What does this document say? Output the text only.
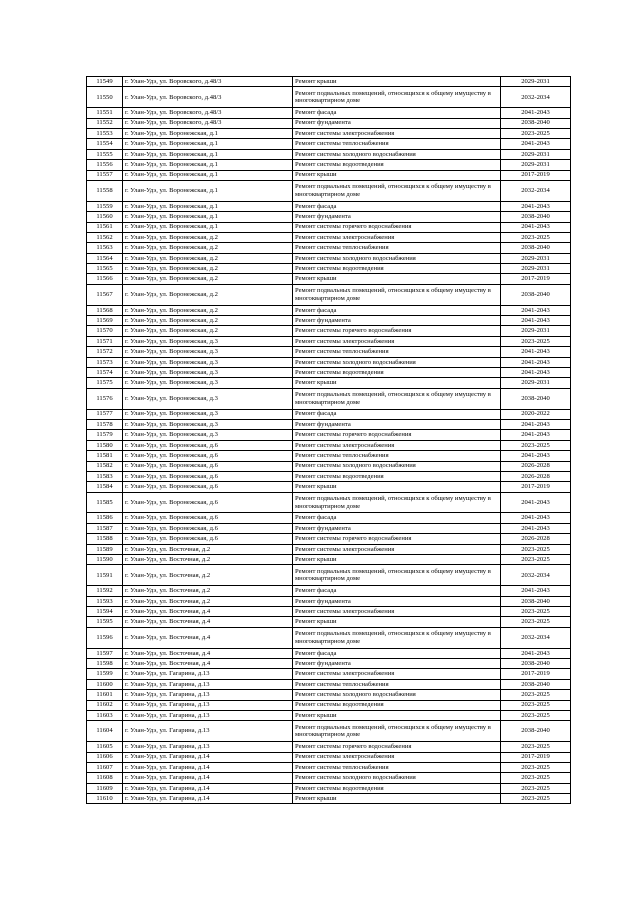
11549	г. Улан-Удэ, ул. Воровского, д.48/3	Ремонт крыши	2029-2031
11550	г. Улан-Удэ, ул. Воровского, д.48/3	Ремонт подвальных помещений, относящихся к общему имуществу в многоквартирном доме	2032-2034
11551	г. Улан-Удэ, ул. Воровского, д.48/3	Ремонт фасада	2041-2043
11552	г. Улан-Удэ, ул. Воровского, д.48/3	Ремонт фундамента	2038-2040
11553	г. Улан-Удэ, ул. Воронежская, д.1	Ремонт системы электроснабжения	2023-2025
11554	г. Улан-Удэ, ул. Воронежская, д.1	Ремонт системы теплоснабжения	2041-2043
11555	г. Улан-Удэ, ул. Воронежская, д.1	Ремонт системы холодного водоснабжения	2029-2031
11556	г. Улан-Удэ, ул. Воронежская, д.1	Ремонт системы водоотведения	2029-2031
11557	г. Улан-Удэ, ул. Воронежская, д.1	Ремонт крыши	2017-2019
11558	г. Улан-Удэ, ул. Воронежская, д.1	Ремонт подвальных помещений, относящихся к общему имуществу в многоквартирном доме	2032-2034
11559	г. Улан-Удэ, ул. Воронежская, д.1	Ремонт фасада	2041-2043
11560	г. Улан-Удэ, ул. Воронежская, д.1	Ремонт фундамента	2038-2040
11561	г. Улан-Удэ, ул. Воронежская, д.1	Ремонт системы горячего водоснабжения	2041-2043
11562	г. Улан-Удэ, ул. Воронежская, д.2	Ремонт системы электроснабжения	2023-2025
11563	г. Улан-Удэ, ул. Воронежская, д.2	Ремонт системы теплоснабжения	2038-2040
11564	г. Улан-Удэ, ул. Воронежская, д.2	Ремонт системы холодного водоснабжения	2029-2031
11565	г. Улан-Удэ, ул. Воронежская, д.2	Ремонт системы водоотведения	2029-2031
11566	г. Улан-Удэ, ул. Воронежская, д.2	Ремонт крыши	2017-2019
11567	г. Улан-Удэ, ул. Воронежская, д.2	Ремонт подвальных помещений, относящихся к общему имуществу в многоквартирном доме	2038-2040
11568	г. Улан-Удэ, ул. Воронежская, д.2	Ремонт фасада	2041-2043
11569	г. Улан-Удэ, ул. Воронежская, д.2	Ремонт фундамента	2041-2043
11570	г. Улан-Удэ, ул. Воронежская, д.2	Ремонт системы горячего водоснабжения	2029-2031
11571	г. Улан-Удэ, ул. Воронежская, д.3	Ремонт системы электроснабжения	2023-2025
11572	г. Улан-Удэ, ул. Воронежская, д.3	Ремонт системы теплоснабжения	2041-2043
11573	г. Улан-Удэ, ул. Воронежская, д.3	Ремонт системы холодного водоснабжения	2041-2043
11574	г. Улан-Удэ, ул. Воронежская, д.3	Ремонт системы водоотведения	2041-2043
11575	г. Улан-Удэ, ул. Воронежская, д.3	Ремонт крыши	2029-2031
11576	г. Улан-Удэ, ул. Воронежская, д.3	Ремонт подвальных помещений, относящихся к общему имуществу в многоквартирном доме	2038-2040
11577	г. Улан-Удэ, ул. Воронежская, д.3	Ремонт фасада	2020-2022
11578	г. Улан-Удэ, ул. Воронежская, д.3	Ремонт фундамента	2041-2043
11579	г. Улан-Удэ, ул. Воронежская, д.3	Ремонт системы горячего водоснабжения	2041-2043
11580	г. Улан-Удэ, ул. Воронежская, д.6	Ремонт системы электроснабжения	2023-2025
11581	г. Улан-Удэ, ул. Воронежская, д.6	Ремонт системы теплоснабжения	2041-2043
11582	г. Улан-Удэ, ул. Воронежская, д.6	Ремонт системы холодного водоснабжения	2026-2028
11583	г. Улан-Удэ, ул. Воронежская, д.6	Ремонт системы водоотведения	2026-2028
11584	г. Улан-Удэ, ул. Воронежская, д.6	Ремонт крыши	2017-2019
11585	г. Улан-Удэ, ул. Воронежская, д.6	Ремонт подвальных помещений, относящихся к общему имуществу в многоквартирном доме	2041-2043
11586	г. Улан-Удэ, ул. Воронежская, д.6	Ремонт фасада	2041-2043
11587	г. Улан-Удэ, ул. Воронежская, д.6	Ремонт фундамента	2041-2043
11588	г. Улан-Удэ, ул. Воронежская, д.6	Ремонт системы горячего водоснабжения	2026-2028
11589	г. Улан-Удэ, ул. Восточная, д.2	Ремонт системы электроснабжения	2023-2025
11590	г. Улан-Удэ, ул. Восточная, д.2	Ремонт крыши	2023-2025
11591	г. Улан-Удэ, ул. Восточная, д.2	Ремонт подвальных помещений, относящихся к общему имуществу в многоквартирном доме	2032-2034
11592	г. Улан-Удэ, ул. Восточная, д.2	Ремонт фасада	2041-2043
11593	г. Улан-Удэ, ул. Восточная, д.2	Ремонт фундамента	2038-2040
11594	г. Улан-Удэ, ул. Восточная, д.4	Ремонт системы электроснабжения	2023-2025
11595	г. Улан-Удэ, ул. Восточная, д.4	Ремонт крыши	2023-2025
11596	г. Улан-Удэ, ул. Восточная, д.4	Ремонт подвальных помещений, относящихся к общему имуществу в многоквартирном доме	2032-2034
11597	г. Улан-Удэ, ул. Восточная, д.4	Ремонт фасада	2041-2043
11598	г. Улан-Удэ, ул. Восточная, д.4	Ремонт фундамента	2038-2040
11599	г. Улан-Удэ, ул. Гагарина, д.13	Ремонт системы электроснабжения	2017-2019
11600	г. Улан-Удэ, ул. Гагарина, д.13	Ремонт системы теплоснабжения	2038-2040
11601	г. Улан-Удэ, ул. Гагарина, д.13	Ремонт системы холодного водоснабжения	2023-2025
11602	г. Улан-Удэ, ул. Гагарина, д.13	Ремонт системы водоотведения	2023-2025
11603	г. Улан-Удэ, ул. Гагарина, д.13	Ремонт крыши	2023-2025
11604	г. Улан-Удэ, ул. Гагарина, д.13	Ремонт подвальных помещений, относящихся к общему имуществу в многоквартирном доме	2038-2040
11605	г. Улан-Удэ, ул. Гагарина, д.13	Ремонт системы горячего водоснабжения	2023-2025
11606	г. Улан-Удэ, ул. Гагарина, д.14	Ремонт системы электроснабжения	2017-2019
11607	г. Улан-Удэ, ул. Гагарина, д.14	Ремонт системы теплоснабжения	2023-2025
11608	г. Улан-Удэ, ул. Гагарина, д.14	Ремонт системы холодного водоснабжения	2023-2025
11609	г. Улан-Удэ, ул. Гагарина, д.14	Ремонт системы водоотведения	2023-2025
11610	г. Улан-Удэ, ул. Гагарина, д.14	Ремонт крыши	2023-2025
